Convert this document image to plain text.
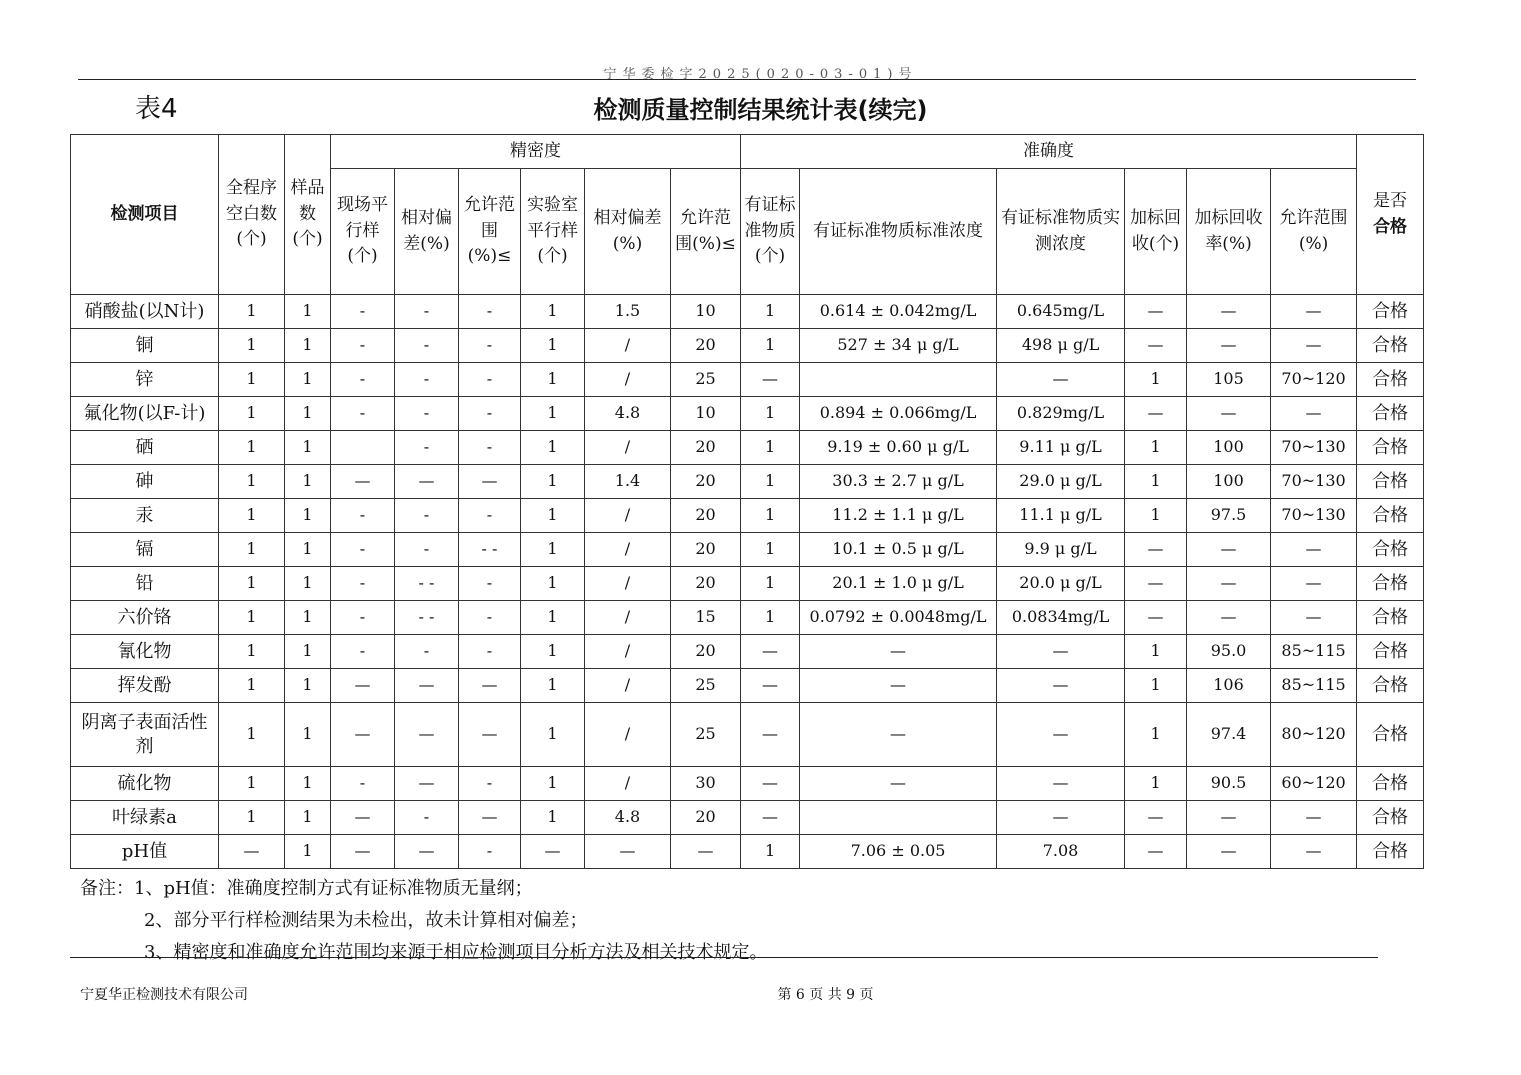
宁华委检字2025(020-03-01)号
表4	检测质量控制结果统计表(续完)
检测项目	全程序空白数(个)	样品数(个)	精密度						准确度						是否
合格
			现场平行样(个)	相对偏差(%)	允许范围(%)≤	实验室平行样(个)	相对偏差(%)	允许范围(%)≤	有证标准物质(个)	有证标准物质标准浓度	有证标准物质实测浓度	加标回收(个)	加标回收率(%)	允许范围(%)	
硝酸盐(以N计)	1	1	-	-	-	1	1.5	10	1	0.614 ± 0.042mg/L	0.645mg/L	—	—	—	合格
铜	1	1	-	-	-	1	/	20	1	527 ± 34 μ g/L	498 μ g/L	—	—	—	合格
锌	1	1	-	-	-	1	/	25	—		—	1	105	70~120	合格
氟化物(以F-计)	1	1	-	-	-	1	4.8	10	1	0.894 ± 0.066mg/L	0.829mg/L	—	—	—	合格
硒	1	1		-	-	1	/	20	1	9.19 ± 0.60 μ g/L	9.11 μ g/L	1	100	70~130	合格
砷	1	1	—	—	—	1	1.4	20	1	30.3 ± 2.7 μ g/L	29.0 μ g/L	1	100	70~130	合格
汞	1	1	-	-	-	1	/	20	1	11.2 ± 1.1 μ g/L	11.1 μ g/L	1	97.5	70~130	合格
镉	1	1	-	-	- -	1	/	20	1	10.1 ± 0.5 μ g/L	9.9 μ g/L	—	—	—	合格
铅	1	1	-	- -	-	1	/	20	1	20.1 ± 1.0 μ g/L	20.0 μ g/L	—	—	—	合格
六价铬	1	1	-	- -	-	1	/	15	1	0.0792 ± 0.0048mg/L	0.0834mg/L	—	—	—	合格
氰化物	1	1	-	-	-	1	/	20	—	—	—	1	95.0	85~115	合格
挥发酚	1	1	—	—	—	1	/	25	—	—	—	1	106	85~115	合格
阴离子表面活性剂	1	1	—	—	—	1	/	25	—	—	—	1	97.4	80~120	合格
硫化物	1	1	-	—	-	1	/	30	—	—	—	1	90.5	60~120	合格
叶绿素a	1	1	—	-	—	1	4.8	20	—		—	—	—	—	合格
pH值	—	1	—	—	-	—	—	—	1	7.06 ± 0.05	7.08	—	—	—	合格
备注：1、pH值：准确度控制方式有证标准物质无量纲；
2、部分平行样检测结果为未检出，故未计算相对偏差；
3、精密度和准确度允许范围均来源于相应检测项目分析方法及相关技术规定。
宁夏华正检测技术有限公司	第 6 页 共 9 页
